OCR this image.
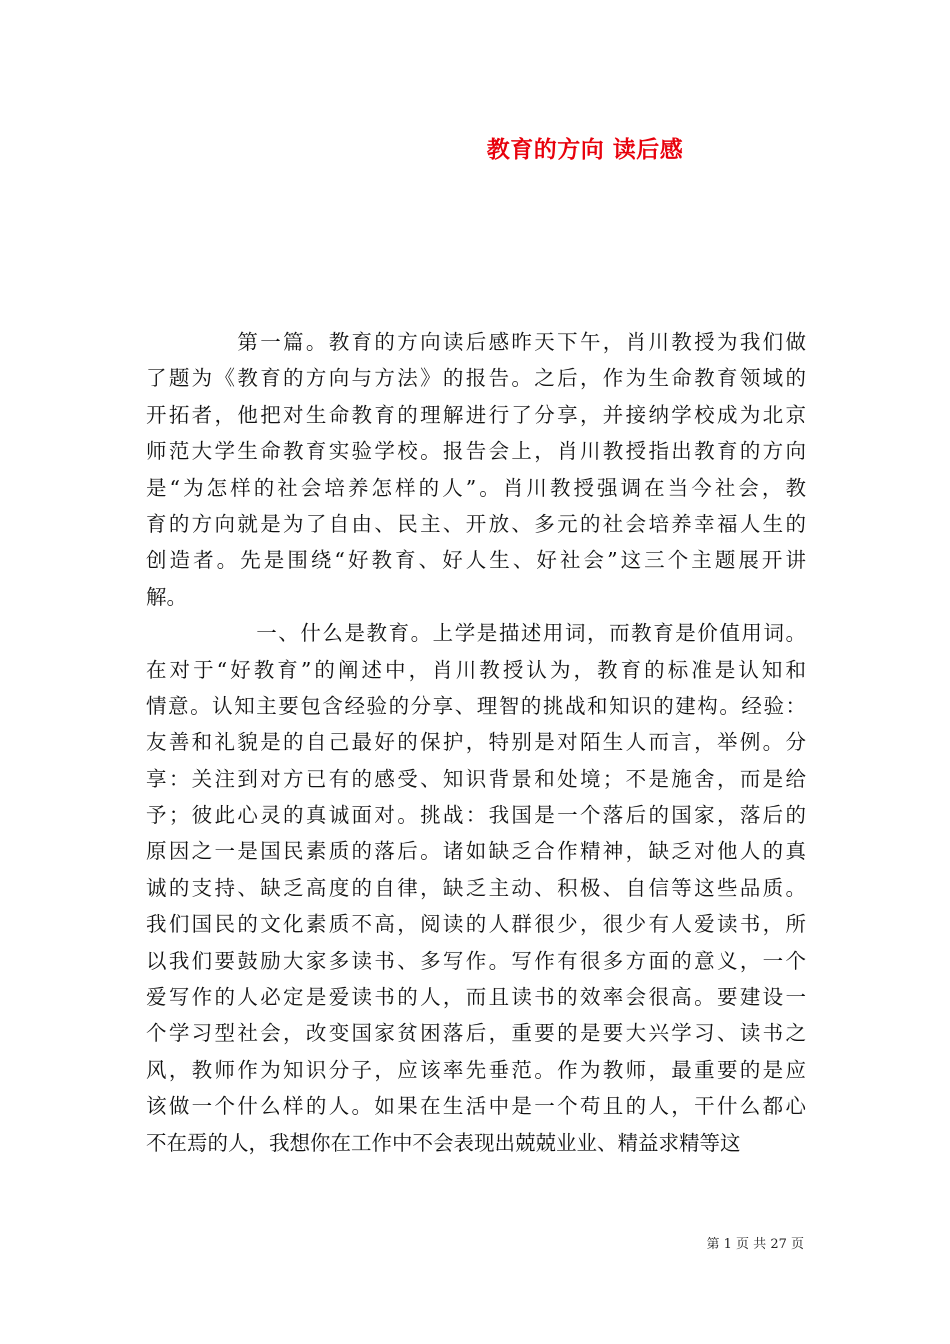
教育的方向 读后感
　　　　第一篇。教育的方向读后感昨天下午，肖川教授为我们做
了题为《教育的方向与方法》的报告。之后，作为生命教育领域的
开拓者，他把对生命教育的理解进行了分享，并接纳学校成为北京
师范大学生命教育实验学校。报告会上，肖川教授指出教育的方向
是“为怎样的社会培养怎样的人”。肖川教授强调在当今社会，教
育的方向就是为了自由、民主、开放、多元的社会培养幸福人生的
创造者。先是围绕“好教育、好人生、好社会”这三个主题展开讲
解。
　　　　　一、什么是教育。上学是描述用词，而教育是价值用词。
在对于“好教育”的阐述中，肖川教授认为，教育的标准是认知和
情意。认知主要包含经验的分享、理智的挑战和知识的建构。经验：
友善和礼貌是的自己最好的保护，特别是对陌生人而言，举例。分
享：关注到对方已有的感受、知识背景和处境；不是施舍，而是给
予；彼此心灵的真诚面对。挑战：我国是一个落后的国家，落后的
原因之一是国民素质的落后。诸如缺乏合作精神，缺乏对他人的真
诚的支持、缺乏高度的自律，缺乏主动、积极、自信等这些品质。
我们国民的文化素质不高，阅读的人群很少，很少有人爱读书，所
以我们要鼓励大家多读书、多写作。写作有很多方面的意义，一个
爱写作的人必定是爱读书的人，而且读书的效率会很高。要建设一
个学习型社会，改变国家贫困落后，重要的是要大兴学习、读书之
风，教师作为知识分子，应该率先垂范。作为教师，最重要的是应
该做一个什么样的人。如果在生活中是一个苟且的人，干什么都心
不在焉的人，我想你在工作中不会表现出兢兢业业、精益求精等这
第 1 页 共 27 页
